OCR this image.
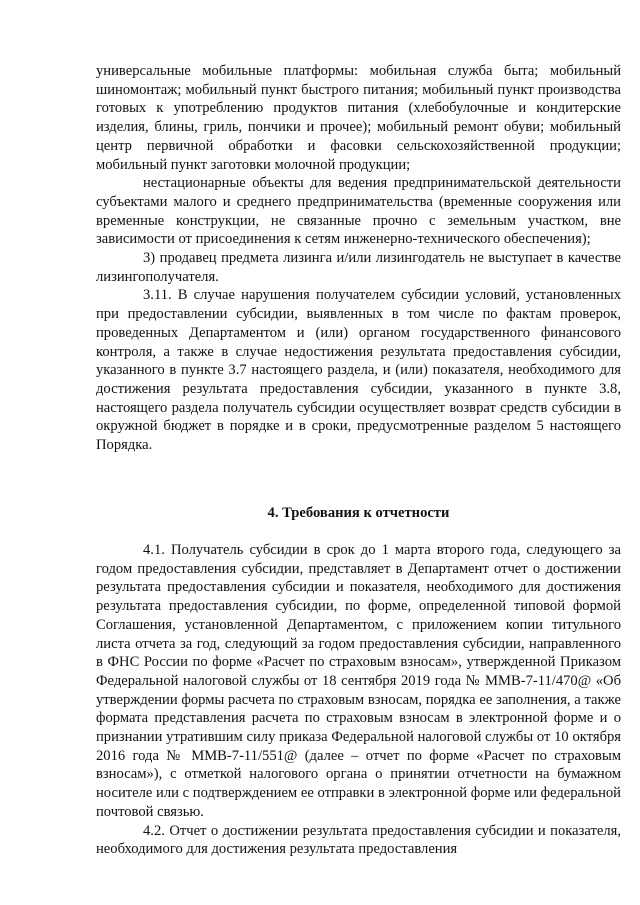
универсальные мобильные платформы: мобильная служба быта; мобильный шиномонтаж; мобильный пункт быстрого питания; мобильный пункт производства готовых к употреблению продуктов питания (хлебобулочные и кондитерские изделия, блины, гриль, пончики и прочее); мобильный ремонт обуви; мобильный центр первичной обработки и фасовки сельскохозяйственной продукции; мобильный пункт заготовки молочной продукции;

нестационарные объекты для ведения предпринимательской деятельности субъектами малого и среднего предпринимательства (временные сооружения или временные конструкции, не связанные прочно с земельным участком, вне зависимости от присоединения к сетям инженерно-технического обеспечения);

3) продавец предмета лизинга и/или лизингодатель не выступает в качестве лизингополучателя.

3.11. В случае нарушения получателем субсидии условий, установленных при предоставлении субсидии, выявленных в том числе по фактам проверок, проведенных Департаментом и (или) органом государственного финансового контроля, а также в случае недостижения результата предоставления субсидии, указанного в пункте 3.7 настоящего раздела, и (или) показателя, необходимого для достижения результата предоставления субсидии, указанного в пункте 3.8, настоящего раздела получатель субсидии осуществляет возврат средств субсидии в окружной бюджет в порядке и в сроки, предусмотренные разделом 5 настоящего Порядка.

4. Требования к отчетности

4.1. Получатель субсидии в срок до 1 марта второго года, следующего за годом предоставления субсидии, представляет в Департамент отчет о достижении результата предоставления субсидии и показателя, необходимого для достижения результата предоставления субсидии, по форме, определенной типовой формой Соглашения, установленной Департаментом, с приложением копии титульного листа отчета за год, следующий за годом предоставления субсидии, направленного в ФНС России по форме «Расчет по страховым взносам», утвержденной Приказом Федеральной налоговой службы от 18 сентября 2019 года № ММВ-7-11/470@ «Об утверждении формы расчета по страховым взносам, порядка ее заполнения, а также формата представления расчета по страховым взносам в электронной форме и о признании утратившим силу приказа Федеральной налоговой службы от 10 октября 2016 года № ММВ-7-11/551@ (далее – отчет по форме «Расчет по страховым взносам»), с отметкой налогового органа о принятии отчетности на бумажном носителе или с подтверждением ее отправки в электронной форме или федеральной почтовой связью.

4.2. Отчет о достижении результата предоставления субсидии и показателя, необходимого для достижения результата предоставления
